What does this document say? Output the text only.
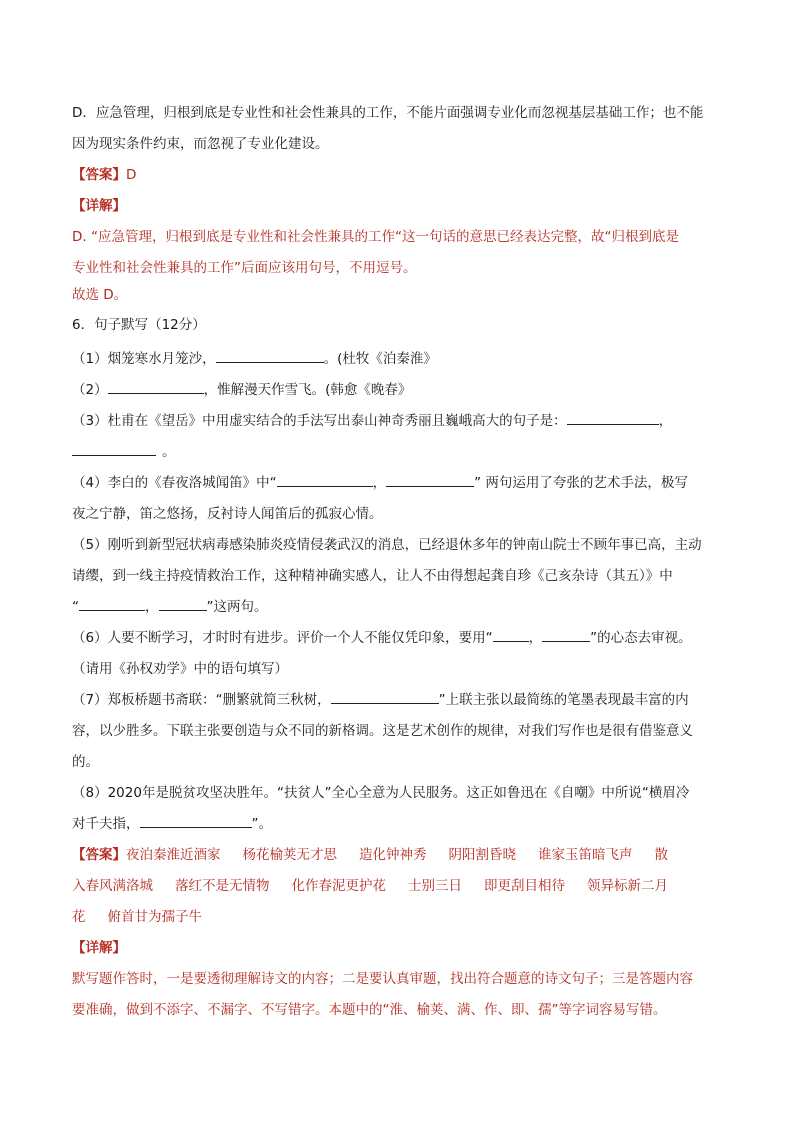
D．应急管理，归根到底是专业性和社会性兼具的工作，不能片面强调专业化而忽视基层基础工作；也不能

因为现实条件约束，而忽视了专业化建设。

【答案】D

【详解】

D. “应急管理，归根到底是专业性和社会性兼具的工作“这一句话的意思已经表达完整，故“归根到底是

专业性和社会性兼具的工作”后面应该用句号，不用逗号。

故选 D。

6．句子默写（12分）

（1）烟笼寒水月笼沙，	。(杜牧《泊秦淮》

（2）	，惟解漫天作雪飞。(韩愈《晚春》

（3）杜甫在《望岳》中用虚实结合的手法写出泰山神奇秀丽且巍峨高大的句子是：	，

。

（4）李白的《春夜洛城闻笛》中“	，	” 两句运用了夸张的艺术手法，极写

夜之宁静，笛之悠扬，反衬诗人闻笛后的孤寂心情。

（5）刚听到新型冠状病毒感染肺炎疫情侵袭武汉的消息，已经退休多年的钟南山院士不顾年事已高，主动

请缨，到一线主持疫情救治工作，这种精神确实感人，让人不由得想起龚自珍《己亥杂诗（其五）》中

“	，	”这两句。

（6）人要不断学习，才时时有进步。评价一个人不能仅凭印象，要用“	，	”的心态去审视。

（请用《孙权劝学》中的语句填写）

（7）郑板桥题书斋联：“删繁就简三秋树，	”上联主张以最简练的笔墨表现最丰富的内

容，以少胜多。下联主张要创造与众不同的新格调。这是艺术创作的规律，对我们写作也是很有借鉴意义

的。

（8）2020年是脱贫攻坚决胜年。“扶贫人”全心全意为人民服务。这正如鲁迅在《自嘲》中所说“横眉冷

对千夫指，	”。

【答案】夜泊秦淮近酒家 杨花榆荚无才思 造化钟神秀 阴阳割昏晓 谁家玉笛暗飞声 散

入春风满洛城 落红不是无情物 化作春泥更护花 士别三日 即更刮目相待 领异标新二月

花 俯首甘为孺子牛

【详解】

默写题作答时，一是要透彻理解诗文的内容；二是要认真审题，找出符合题意的诗文句子；三是答题内容

要准确，做到不添字、不漏字、不写错字。本题中的“淮、榆荚、满、作、即、孺”等字词容易写错。
